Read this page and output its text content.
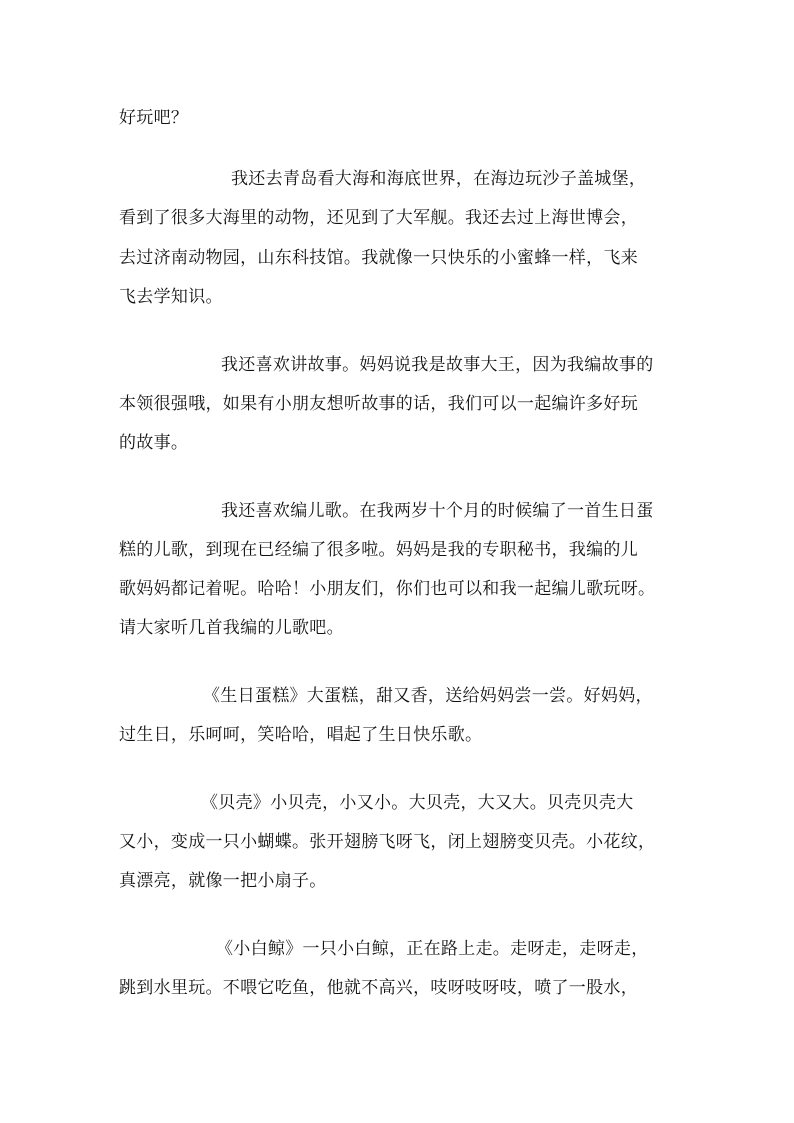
好玩吧？

我还去青岛看大海和海底世界，在海边玩沙子盖城堡，

看到了很多大海里的动物，还见到了大军舰。我还去过上海世博会，

去过济南动物园，山东科技馆。我就像一只快乐的小蜜蜂一样，飞来

飞去学知识。

我还喜欢讲故事。妈妈说我是故事大王，因为我编故事的

本领很强哦，如果有小朋友想听故事的话，我们可以一起编许多好玩

的故事。

我还喜欢编儿歌。在我两岁十个月的时候编了一首生日蛋

糕的儿歌，到现在已经编了很多啦。妈妈是我的专职秘书，我编的儿

歌妈妈都记着呢。哈哈！小朋友们，你们也可以和我一起编儿歌玩呀。

请大家听几首我编的儿歌吧。

《生日蛋糕》大蛋糕，甜又香，送给妈妈尝一尝。好妈妈，

过生日，乐呵呵，笑哈哈，唱起了生日快乐歌。

《贝壳》小贝壳，小又小。大贝壳，大又大。贝壳贝壳大

又小，变成一只小蝴蝶。张开翅膀飞呀飞，闭上翅膀变贝壳。小花纹，

真漂亮，就像一把小扇子。

《小白鲸》一只小白鲸，正在路上走。走呀走，走呀走，

跳到水里玩。不喂它吃鱼，他就不高兴，吱呀吱呀吱，喷了一股水，
